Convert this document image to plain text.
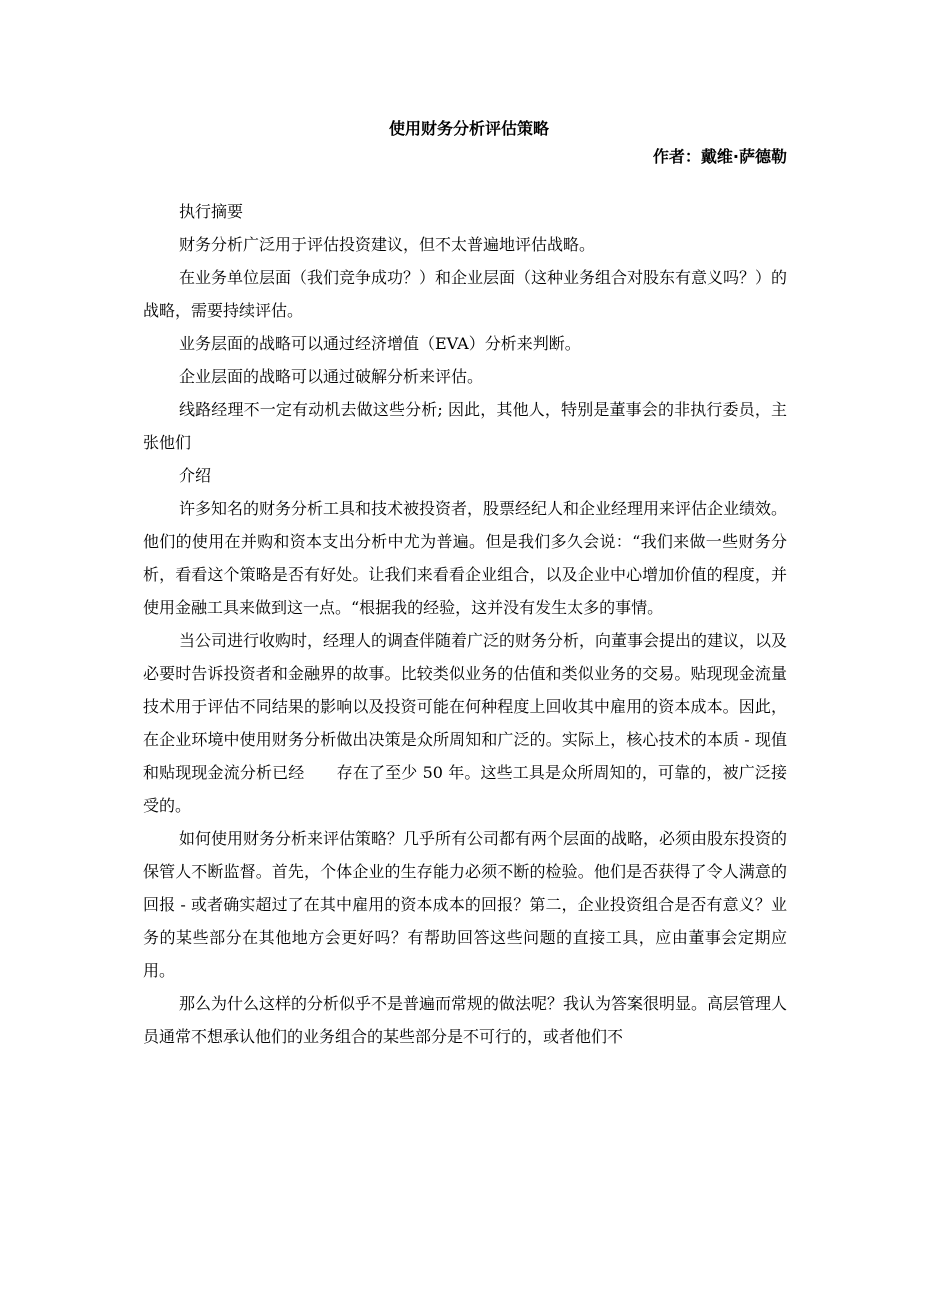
使用财务分析评估策略
作者：戴维·萨德勒

执行摘要

财务分析广泛用于评估投资建议，但不太普遍地评估战略。

在业务单位层面（我们竞争成功？）和企业层面（这种业务组合对股东有意义吗？）的战略，需要持续评估。

业务层面的战略可以通过经济增值（EVA）分析来判断。

企业层面的战略可以通过破解分析来评估。

线路经理不一定有动机去做这些分析; 因此，其他人，特别是董事会的非执行委员，主张他们

介绍

许多知名的财务分析工具和技术被投资者，股票经纪人和企业经理用来评估企业绩效。他们的使用在并购和资本支出分析中尤为普遍。但是我们多久会说：“我们来做一些财务分析，看看这个策略是否有好处。让我们来看看企业组合，以及企业中心增加价值的程度，并使用金融工具来做到这一点。“根据我的经验，这并没有发生太多的事情。

当公司进行收购时，经理人的调查伴随着广泛的财务分析，向董事会提出的建议，以及必要时告诉投资者和金融界的故事。比较类似业务的估值和类似业务的交易。贴现现金流量技术用于评估不同结果的影响以及投资可能在何种程度上回收其中雇用的资本成本。因此，在企业环境中使用财务分析做出决策是众所周知和广泛的。实际上，核心技术的本质 - 现值和贴现现金流分析已经　　存在了至少 50 年。这些工具是众所周知的，可靠的，被广泛接受的。

如何使用财务分析来评估策略？几乎所有公司都有两个层面的战略，必须由股东投资的保管人不断监督。首先，个体企业的生存能力必须不断的检验。他们是否获得了令人满意的回报 - 或者确实超过了在其中雇用的资本成本的回报？第二，企业投资组合是否有意义？业务的某些部分在其他地方会更好吗？有帮助回答这些问题的直接工具，应由董事会定期应用。

那么为什么这样的分析似乎不是普遍而常规的做法呢？我认为答案很明显。高层管理人员通常不想承认他们的业务组合的某些部分是不可行的，或者他们不
